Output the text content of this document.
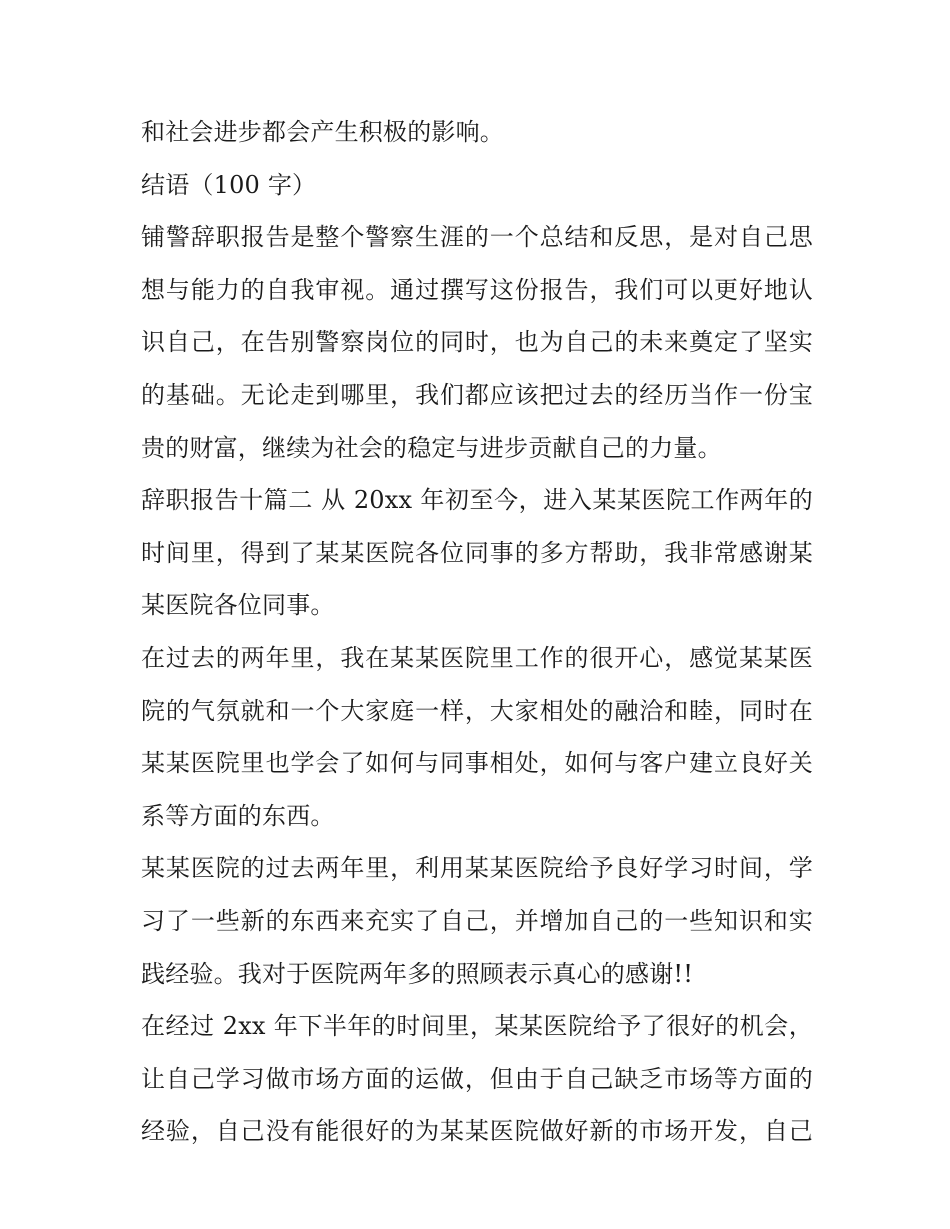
和社会进步都会产生积极的影响。
结语（100 字）
铺警辞职报告是整个警察生涯的一个总结和反思，是对自己思
想与能力的自我审视。通过撰写这份报告，我们可以更好地认
识自己，在告别警察岗位的同时，也为自己的未来奠定了坚实
的基础。无论走到哪里，我们都应该把过去的经历当作一份宝
贵的财富，继续为社会的稳定与进步贡献自己的力量。
辞职报告十篇二 从 20xx 年初至今，进入某某医院工作两年的
时间里，得到了某某医院各位同事的多方帮助，我非常感谢某
某医院各位同事。
在过去的两年里，我在某某医院里工作的很开心，感觉某某医
院的气氛就和一个大家庭一样，大家相处的融洽和睦，同时在
某某医院里也学会了如何与同事相处，如何与客户建立良好关
系等方面的东西。
某某医院的过去两年里，利用某某医院给予良好学习时间，学
习了一些新的东西来充实了自己，并增加自己的一些知识和实
践经验。我对于医院两年多的照顾表示真心的感谢!!
在经过 2xx 年下半年的时间里，某某医院给予了很好的机会，
让自己学习做市场方面的运做，但由于自己缺乏市场等方面的
经验，自己没有能很好的为某某医院做好新的市场开发，自己
